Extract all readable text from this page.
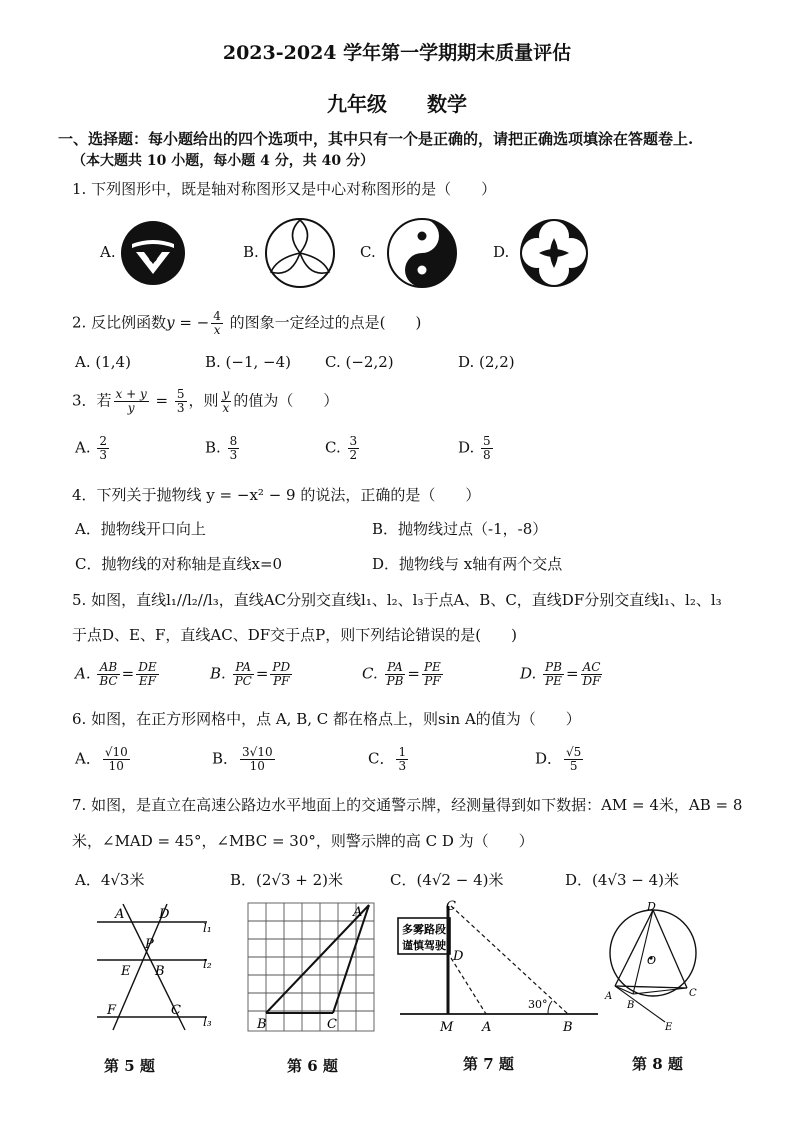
2023-2024 学年第一学期期末质量评估
九年级　　数学
一、选择题：每小题给出的四个选项中，其中只有一个是正确的，请把正确选项填涂在答题卷上.
（本大题共 10 小题，每小题 4 分，共 40 分）
1. 下列图形中，既是轴对称图形又是中心对称图形的是（　　）
A.	B.	C.	D.
2. 反比例函数y = − $\frac{4}{x}$ 的图象一定经过的点是(　　)
A. (1,4)	B. (−1, −4) C. (−2,2)	D. (2,2)
3．若 $\frac{x + y}{y} = \frac{5}{3}$ ，则 $\frac{y}{x}$ 的值为（　　）
A. $\frac{2}{3}$	B. $\frac{8}{3}$	C. $\frac{3}{2}$	D. $\frac{5}{8}$
4．下列关于抛物线 y = −x² − 9 的说法，正确的是（　　）
A．抛物线开口向上	B．抛物线过点（-1，-8）
C．抛物线的对称轴是直线x=0	D．抛物线与 x轴有两个交点
5. 如图，直线l₁//l₂//l₃，直线AC分别交直线l₁、l₂、l₃于点A、B、C，直线DF分别交直线l₁、l₂、l₃
于点D、E、F，直线AC、DF交于点P，则下列结论错误的是(　　)
A. $\frac{AB}{BC} = \frac{DE}{EF}$	B. $\frac{PA}{PC} = \frac{PD}{PF}$	C. $\frac{PA}{PB} = \frac{PE}{PF}$	D. $\frac{PB}{PE} = \frac{AC}{DF}$
6. 如图，在正方形网格中，点 A, B, C 都在格点上，则sin A的值为（　　）
A． $\frac{√10}{10}$	B． $\frac{3√10}{10}$	C． $\frac{1}{3}$	D． $\frac{√5}{5}$
7. 如图，是直立在高速公路边水平地面上的交通警示牌，经测量得到如下数据：AM = 4米，AB = 8
米，∠MAD = 45°，∠MBC = 30°，则警示牌的高 C D 为（　　）
A．4√3米	B．(2√3 + 2)米	C．(4√2 − 4)米	D．(4√3 − 4)米
A	D
P
E B
F	C
l₁
l₂
l₃
第 5 题
A
B	C
第 6 题
多雾路段
谨慎驾驶
30°
C
D
M A	B
第 7 题
D
O
A
B
C
E
第 8 题
